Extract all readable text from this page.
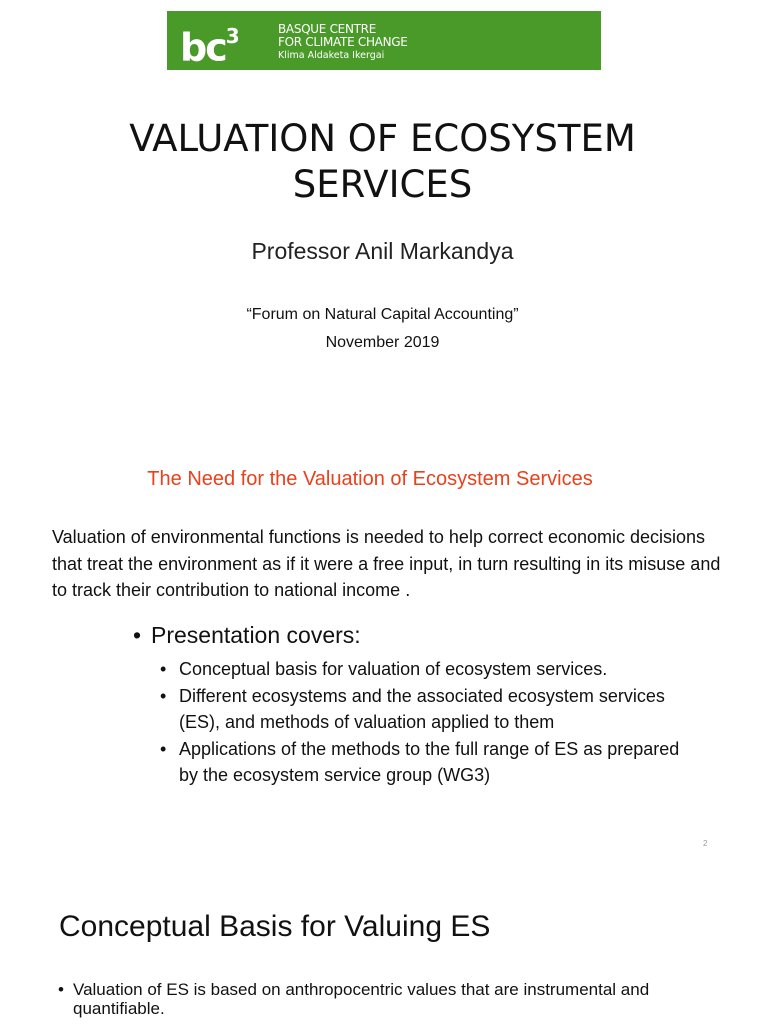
$bc^3$	BASQUE CENTRE
FOR CLIMATE CHANGE
Klima Aldaketa Ikergai
VALUATION OF ECOSYSTEM
SERVICES
Professor Anil Markandya
“Forum on Natural Capital Accounting”
November 2019
The Need for the Valuation of Ecosystem Services
Valuation of environmental functions is needed to help correct economic decisions that treat the environment as if it were a free input, in turn resulting in its misuse and to track their contribution to national income .
• Presentation covers:
• Conceptual basis for valuation of ecosystem services.
• Different ecosystems and the associated ecosystem services (ES), and methods of valuation applied to them
• Applications of the methods to the full range of ES as prepared by the ecosystem service group (WG3)
2
Conceptual Basis for Valuing ES
• Valuation of ES is based on anthropocentric values that are instrumental and quantifiable.
